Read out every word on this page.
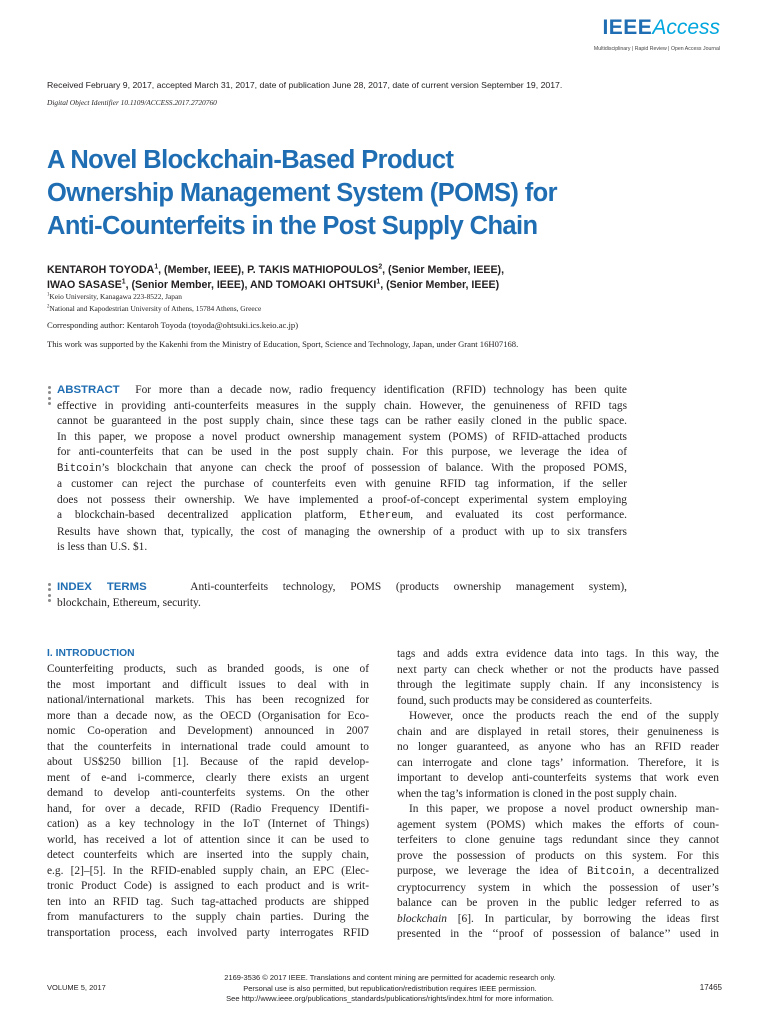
IEEEAccess
Multidisciplinary | Rapid Review | Open Access Journal
Received February 9, 2017, accepted March 31, 2017, date of publication June 28, 2017, date of current version September 19, 2017.
Digital Object Identifier 10.1109/ACCESS.2017.2720760
A Novel Blockchain-Based Product
Ownership Management System (POMS) for
Anti-Counterfeits in the Post Supply Chain
KENTAROH TOYODA$^1$, (Member, IEEE), P. TAKIS MATHIOPOULOS$^2$, (Senior Member, IEEE),
IWAO SASASE$^1$, (Senior Member, IEEE), AND TOMOAKI OHTSUKI$^1$, (Senior Member, IEEE)
$^1$Keio University, Kanagawa 223-8522, Japan
$^2$National and Kapodestrian University of Athens, 15784 Athens, Greece
Corresponding author: Kentaroh Toyoda (toyoda@ohtsuki.ics.keio.ac.jp)
This work was supported by the Kakenhi from the Ministry of Education, Sport, Science and Technology, Japan, under Grant 16H07168.
ABSTRACT For more than a decade now, radio frequency identification (RFID) technology has been quite
effective in providing anti-counterfeits measures in the supply chain. However, the genuineness of RFID tags
cannot be guaranteed in the post supply chain, since these tags can be rather easily cloned in the public space.
In this paper, we propose a novel product ownership management system (POMS) of RFID-attached products
for anti-counterfeits that can be used in the post supply chain. For this purpose, we leverage the idea of
Bitcoin’s blockchain that anyone can check the proof of possession of balance. With the proposed POMS,
a customer can reject the purchase of counterfeits even with genuine RFID tag information, if the seller
does not possess their ownership. We have implemented a proof-of-concept experimental system employing
a blockchain-based decentralized application platform, Ethereum, and evaluated its cost performance.
Results have shown that, typically, the cost of managing the ownership of a product with up to six transfers
is less than U.S. $1.
INDEX TERMS	Anti-counterfeits technology, POMS (products ownership management system),
blockchain, Ethereum, security.
I. INTRODUCTION
Counterfeiting products, such as branded goods, is one of
the most important and difficult issues to deal with in
national/international markets. This has been recognized for
more than a decade now, as the OECD (Organisation for Eco-
nomic Co-operation and Development) announced in 2007
that the counterfeits in international trade could amount to
about US$250 billion [1]. Because of the rapid develop-
ment of e-and i-commerce, clearly there exists an urgent
demand to develop anti-counterfeits systems. On the other
hand, for over a decade, RFID (Radio Frequency IDentifi-
cation) as a key technology in the IoT (Internet of Things)
world, has received a lot of attention since it can be used to
detect counterfeits which are inserted into the supply chain,
e.g. [2]–[5]. In the RFID-enabled supply chain, an EPC (Elec-
tronic Product Code) is assigned to each product and is writ-
ten into an RFID tag. Such tag-attached products are shipped
from manufacturers to the supply chain parties. During the
transportation process, each involved party interrogates RFID
tags and adds extra evidence data into tags. In this way, the
next party can check whether or not the products have passed
through the legitimate supply chain. If any inconsistency is
found, such products may be considered as counterfeits.
However, once the products reach the end of the supply
chain and are displayed in retail stores, their genuineness is
no longer guaranteed, as anyone who has an RFID reader
can interrogate and clone tags’ information. Therefore, it is
important to develop anti-counterfeits systems that work even
when the tag’s information is cloned in the post supply chain.
In this paper, we propose a novel product ownership man-
agement system (POMS) which makes the efforts of coun-
terfeiters to clone genuine tags redundant since they cannot
prove the possession of products on this system. For this
purpose, we leverage the idea of Bitcoin, a decentralized
cryptocurrency system in which the possession of user’s
balance can be proven in the public ledger referred to as
blockchain [6]. In particular, by borrowing the ideas first
presented in the ‘‘proof of possession of balance’’ used in
VOLUME 5, 2017
2169-3536 © 2017 IEEE. Translations and content mining are permitted for academic research only.
Personal use is also permitted, but republication/redistribution requires IEEE permission.
See http://www.ieee.org/publications_standards/publications/rights/index.html for more information.
17465
